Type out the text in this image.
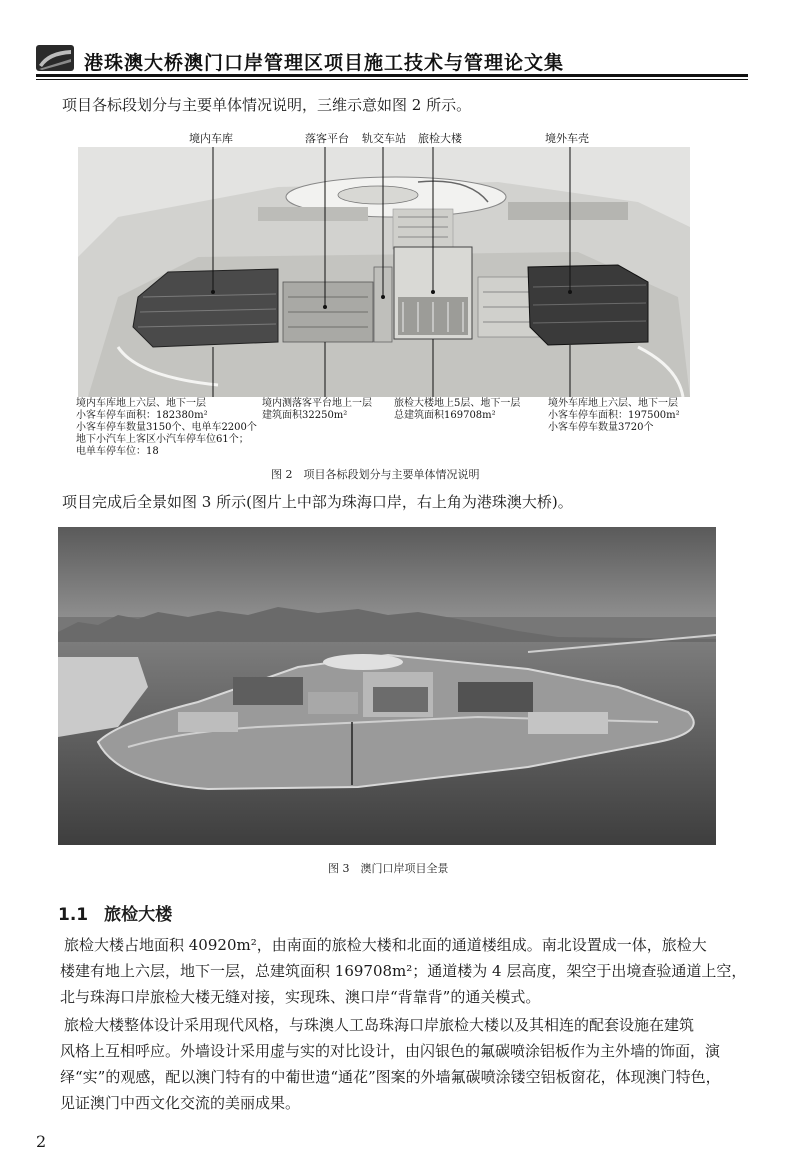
港珠澳大桥澳门口岸管理区项目施工技术与管理论文集
项目各标段划分与主要单体情况说明，三维示意如图 2 所示。
境内车库	落客平台 轨交车站 旅检大楼	境外车壳
境内车库地上六层、地下一层
小客车停车面积：182380m²
小客车停车数量3150个、电单车2200个
地下小汽车上客区小汽车停车位61个；
电单车停车位：18
境内测落客平台地上一层
建筑面积32250m²
旅检大楼地上5层、地下一层
总建筑面积169708m²
境外车库地上六层、地下一层
小客车停车面积：197500m²
小客车停车数量3720个
图 2　项目各标段划分与主要单体情况说明
项目完成后全景如图 3 所示(图片上中部为珠海口岸，右上角为港珠澳大桥)。
图 3　澳门口岸项目全景
1.1 旅检大楼
旅检大楼占地面积 40920m²，由南面的旅检大楼和北面的通道楼组成。南北设置成一体，旅检大
楼建有地上六层，地下一层，总建筑面积 169708m²；通道楼为 4 层高度，架空于出境查验通道上空，
北与珠海口岸旅检大楼无缝对接，实现珠、澳口岸“背靠背”的通关模式。
旅检大楼整体设计采用现代风格，与珠澳人工岛珠海口岸旅检大楼以及其相连的配套设施在建筑
风格上互相呼应。外墙设计采用虚与实的对比设计，由闪银色的氟碳喷涂铝板作为主外墙的饰面，演
绎“实”的观感，配以澳门特有的中葡世遗“通花”图案的外墙氟碳喷涂镂空铝板窗花，体现澳门特色，
见证澳门中西文化交流的美丽成果。
2
